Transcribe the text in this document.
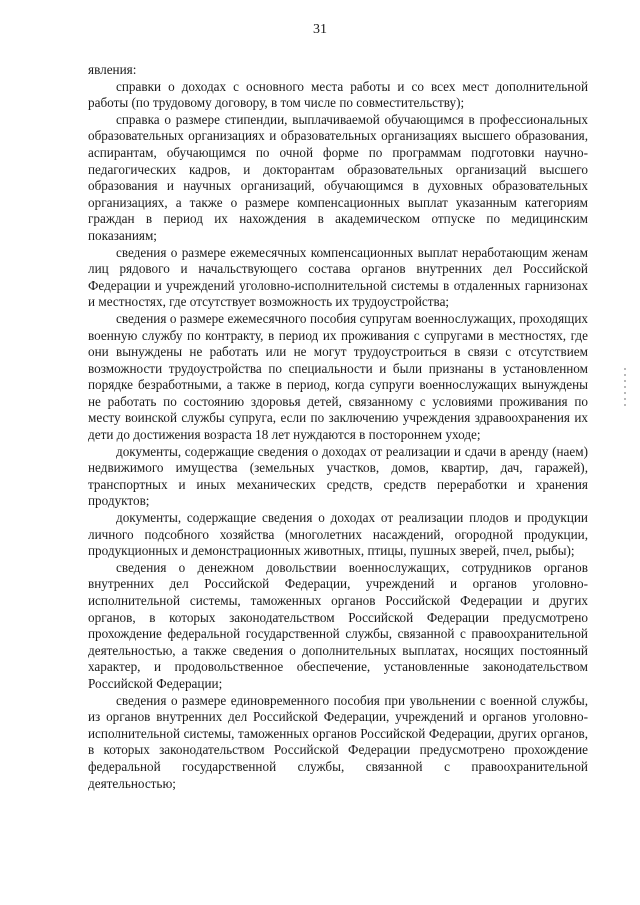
31

явления:

справки о доходах с основного места работы и со всех мест дополнительной работы (по трудовому договору, в том числе по совместительству);

справка о размере стипендии, выплачиваемой обучающимся в профессиональных образовательных организациях и образовательных организациях высшего образования, аспирантам, обучающимся по очной форме по программам подготовки научно-педагогических кадров, и докторантам образовательных организаций высшего образования и научных организаций, обучающимся в духовных образовательных организациях, а также о размере компенсационных выплат указанным категориям граждан в период их нахождения в академическом отпуске по медицинским показаниям;

сведения о размере ежемесячных компенсационных выплат неработающим женам лиц рядового и начальствующего состава органов внутренних дел Российской Федерации и учреждений уголовно-исполнительной системы в отдаленных гарнизонах и местностях, где отсутствует возможность их трудоустройства;

сведения о размере ежемесячного пособия супругам военнослужащих, проходящих военную службу по контракту, в период их проживания с супругами в местностях, где они вынуждены не работать или не могут трудоустроиться в связи с отсутствием возможности трудоустройства по специальности и были признаны в установленном порядке безработными, а также в период, когда супруги военнослужащих вынуждены не работать по состоянию здоровья детей, связанному с условиями проживания по месту воинской службы супруга, если по заключению учреждения здравоохранения их дети до достижения возраста 18 лет нуждаются в постороннем уходе;

документы, содержащие сведения о доходах от реализации и сдачи в аренду (наем) недвижимого имущества (земельных участков, домов, квартир, дач, гаражей), транспортных и иных механических средств, средств переработки и хранения продуктов;

документы, содержащие сведения о доходах от реализации плодов и продукции личного подсобного хозяйства (многолетних насаждений, огородной продукции, продукционных и демонстрационных животных, птицы, пушных зверей, пчел, рыбы);

сведения о денежном довольствии военнослужащих, сотрудников органов внутренних дел Российской Федерации, учреждений и органов уголовно-исполнительной системы, таможенных органов Российской Федерации и других органов, в которых законодательством Российской Федерации предусмотрено прохождение федеральной государственной службы, связанной с правоохранительной деятельностью, а также сведения о дополнительных выплатах, носящих постоянный характер, и продовольственное обеспечение, установленные законодательством Российской Федерации;

сведения о размере единовременного пособия при увольнении с военной службы, из органов внутренних дел Российской Федерации, учреждений и органов уголовно-исполнительной системы, таможенных органов Российской Федерации, других органов, в которых законодательством Российской Федерации предусмотрено прохождение федеральной государственной службы, связанной с правоохранительной деятельностью;
